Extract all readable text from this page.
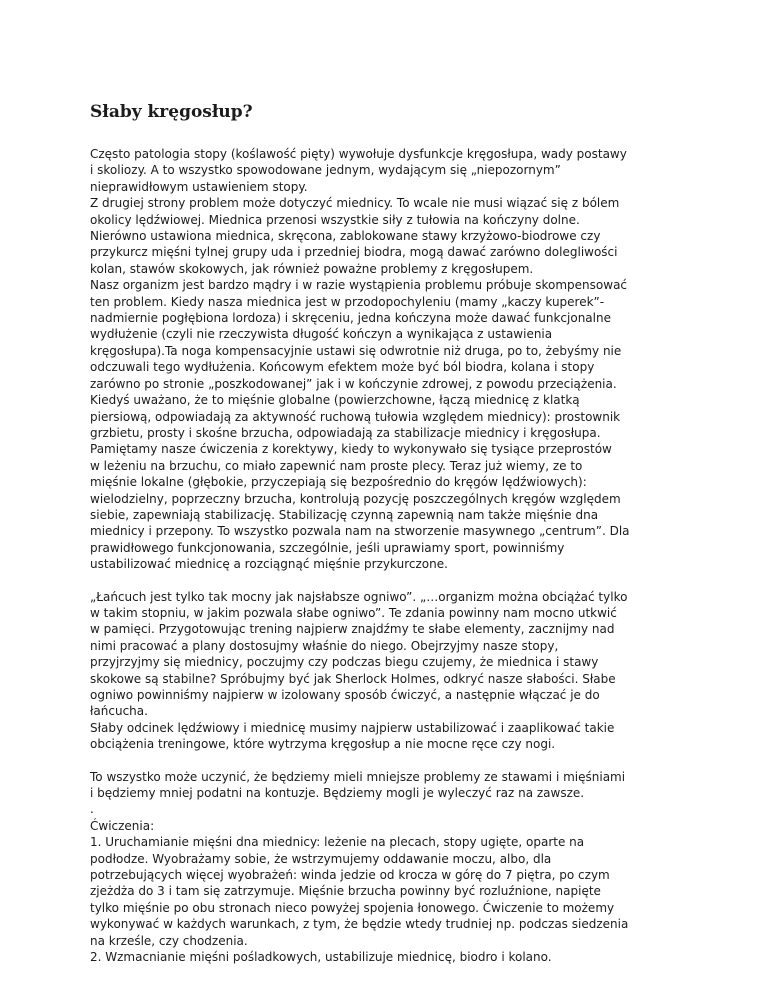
Słaby kręgosłup?
Często patologia stopy (koślawość pięty) wywołuje dysfunkcje kręgosłupa, wady postawy
i skoliozy. A to wszystko spowodowane jednym, wydającym się „niepozornym”
nieprawidłowym ustawieniem stopy.
Z drugiej strony problem może dotyczyć miednicy. To wcale nie musi wiązać się z bólem
okolicy lędźwiowej. Miednica przenosi wszystkie siły z tułowia na kończyny dolne.
Nierówno ustawiona miednica, skręcona, zablokowane stawy krzyżowo-biodrowe czy
przykurcz mięśni tylnej grupy uda i przedniej biodra, mogą dawać zarówno dolegliwości
kolan, stawów skokowych, jak również poważne problemy z kręgosłupem.
Nasz organizm jest bardzo mądry i w razie wystąpienia problemu próbuje skompensować
ten problem. Kiedy nasza miednica jest w przodopochyleniu (mamy „kaczy kuperek”-
nadmiernie pogłębiona lordoza) i skręceniu, jedna kończyna może dawać funkcjonalne
wydłużenie (czyli nie rzeczywista długość kończyn a wynikająca z ustawienia
kręgosłupa).Ta noga kompensacyjnie ustawi się odwrotnie niż druga, po to, żebyśmy nie
odczuwali tego wydłużenia. Końcowym efektem może być ból biodra, kolana i stopy
zarówno po stronie „poszkodowanej” jak i w kończynie zdrowej, z powodu przeciążenia.
Kiedyś uważano, że to mięśnie globalne (powierzchowne, łączą miednicę z klatką
piersiową, odpowiadają za aktywność ruchową tułowia względem miednicy): prostownik
grzbietu, prosty i skośne brzucha, odpowiadają za stabilizacje miednicy i kręgosłupa.
Pamiętamy nasze ćwiczenia z korektywy, kiedy to wykonywało się tysiące przeprostów
w leżeniu na brzuchu, co miało zapewnić nam proste plecy. Teraz już wiemy, ze to
mięśnie lokalne (głębokie, przyczepiają się bezpośrednio do kręgów lędźwiowych):
wielodzielny, poprzeczny brzucha, kontrolują pozycję poszczególnych kręgów względem
siebie, zapewniają stabilizację. Stabilizację czynną zapewnią nam także mięśnie dna
miednicy i przepony. To wszystko pozwala nam na stworzenie masywnego „centrum”. Dla
prawidłowego funkcjonowania, szczególnie, jeśli uprawiamy sport, powinniśmy
ustabilizować miednicę a rozciągnąć mięśnie przykurczone.
„Łańcuch jest tylko tak mocny jak najsłabsze ogniwo”. „…organizm można obciążać tylko
w takim stopniu, w jakim pozwala słabe ogniwo”. Te zdania powinny nam mocno utkwić
w pamięci. Przygotowując trening najpierw znajdźmy te słabe elementy, zacznijmy nad
nimi pracować a plany dostosujmy właśnie do niego. Obejrzyjmy nasze stopy,
przyjrzyjmy się miednicy, poczujmy czy podczas biegu czujemy, że miednica i stawy
skokowe są stabilne? Spróbujmy być jak Sherlock Holmes, odkryć nasze słabości. Słabe
ogniwo powinniśmy najpierw w izolowany sposób ćwiczyć, a następnie włączać je do
łańcucha.
Słaby odcinek lędźwiowy i miednicę musimy najpierw ustabilizować i zaaplikować takie
obciążenia treningowe, które wytrzyma kręgosłup a nie mocne ręce czy nogi.
To wszystko może uczynić, że będziemy mieli mniejsze problemy ze stawami i mięśniami
i będziemy mniej podatni na kontuzje. Będziemy mogli je wyleczyć raz na zawsze.
.
Ćwiczenia:
1. Uruchamianie mięśni dna miednicy: leżenie na plecach, stopy ugięte, oparte na
podłodze. Wyobrażamy sobie, że wstrzymujemy oddawanie moczu, albo, dla
potrzebujących więcej wyobrażeń: winda jedzie od krocza w górę do 7 piętra, po czym
zjeżdża do 3 i tam się zatrzymuje. Mięśnie brzucha powinny być rozluźnione, napięte
tylko mięśnie po obu stronach nieco powyżej spojenia łonowego. Ćwiczenie to możemy
wykonywać w każdych warunkach, z tym, że będzie wtedy trudniej np. podczas siedzenia
na krześle, czy chodzenia.
2. Wzmacnianie mięśni pośladkowych, ustabilizuje miednicę, biodro i kolano.
